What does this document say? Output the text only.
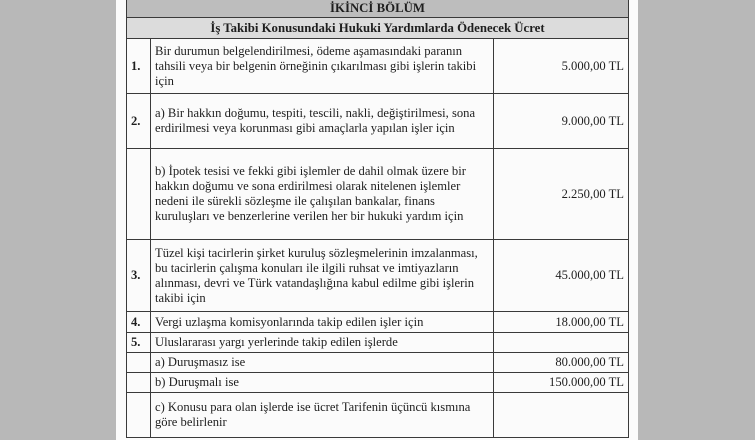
İKİNCİ BÖLÜM		
İş Takibi Konusundaki Hukuki Yardımlarda Ödenecek Ücret		
1.	Bir durumun belgelendirilmesi, ödeme aşamasındaki paranın tahsili veya bir belgenin örneğinin çıkarılması gibi işlerin takibi için	5.000,00 TL
2.	a) Bir hakkın doğumu, tespiti, tescili, nakli, değiştirilmesi, sona erdirilmesi veya korunması gibi amaçlarla yapılan işler için	9.000,00 TL
	b) İpotek tesisi ve fekki gibi işlemler de dahil olmak üzere bir hakkın doğumu ve sona erdirilmesi olarak nitelenen işlemler nedeni ile sürekli sözleşme ile çalışılan bankalar, finans kuruluşları ve benzerlerine verilen her bir hukuki yardım için	2.250,00 TL
3.	Tüzel kişi tacirlerin şirket kuruluş sözleşmelerinin imzalanması, bu tacirlerin çalışma konuları ile ilgili ruhsat ve imtiyazların alınması, devri ve Türk vatandaşlığına kabul edilme gibi işlerin takibi için	45.000,00 TL
4.	Vergi uzlaşma komisyonlarında takip edilen işler için	18.000,00 TL
5.	Uluslararası yargı yerlerinde takip edilen işlerde	
	a) Duruşmasız ise	80.000,00 TL
	b) Duruşmalı ise	150.000,00 TL
	c) Konusu para olan işlerde ise ücret Tarifenin üçüncü kısmına göre belirlenir	
